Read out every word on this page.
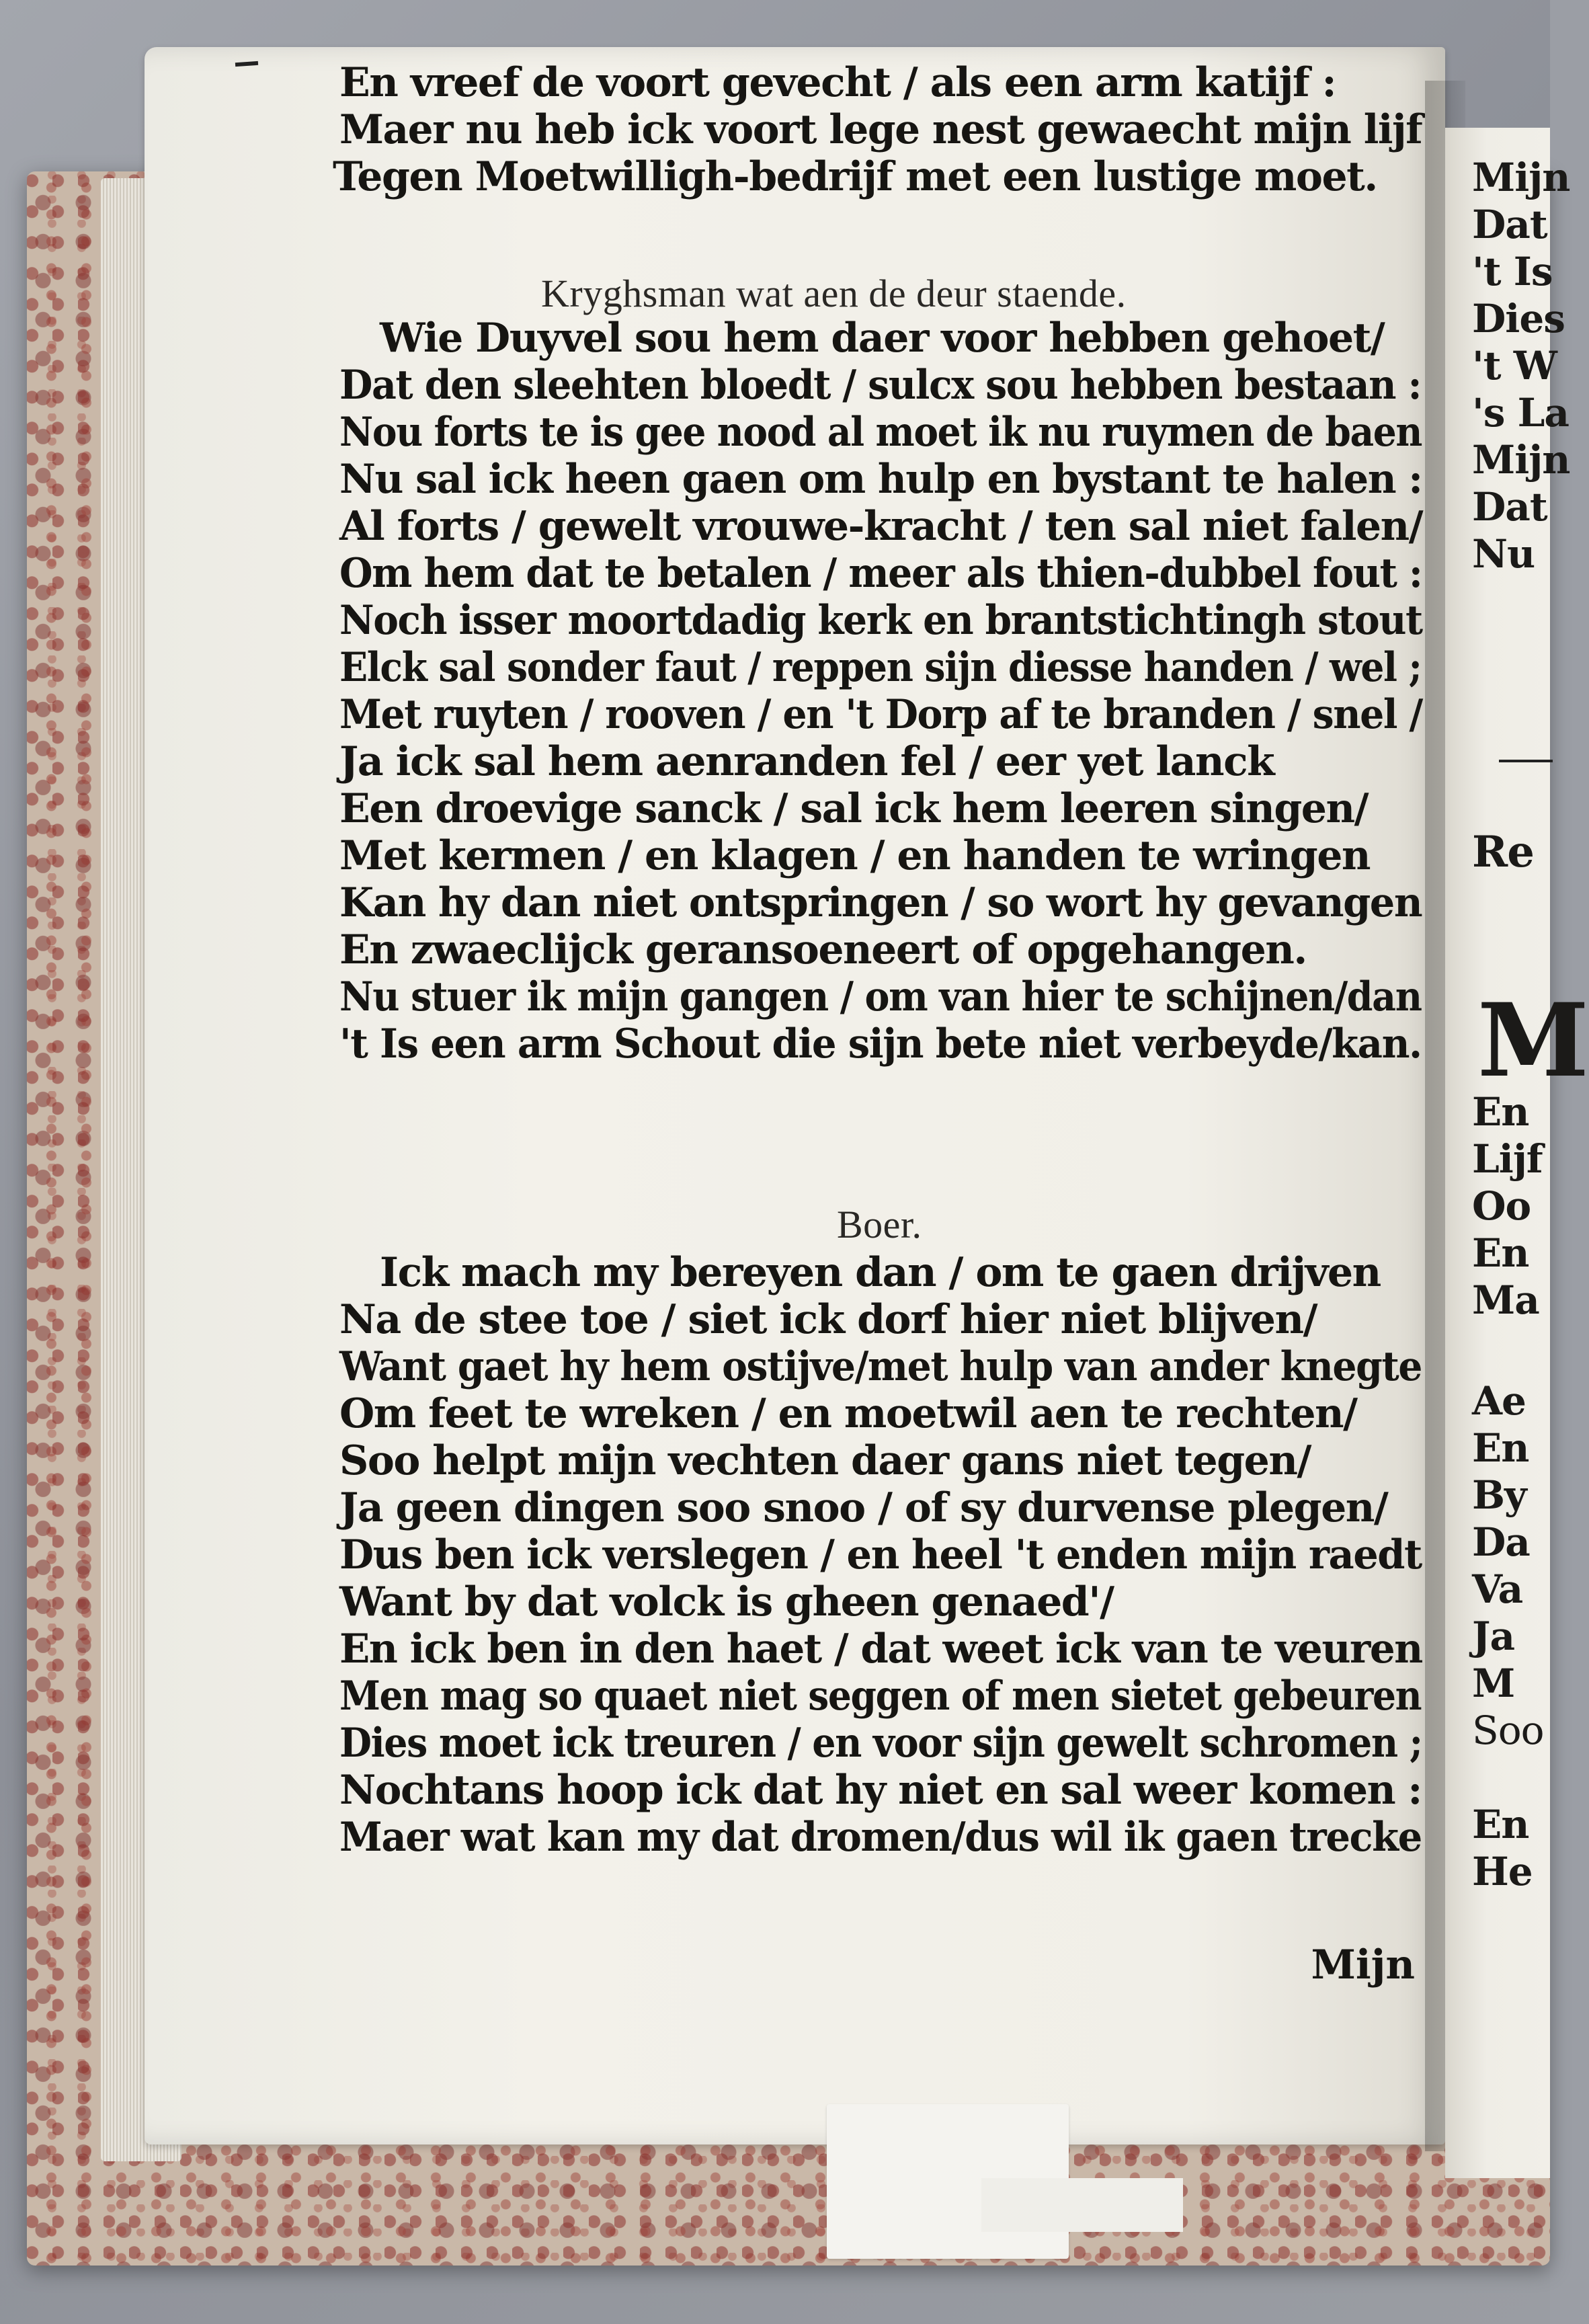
En vreef de voort gevecht / als een arm katijf :
Maer nu heb ick voort lege nest gewaecht mijn lijf
Tegen Moetwilligh-bedrijf met een lustige moet.
Kryghsman wat aen de deur staende.
Wie Duyvel sou hem daer voor hebben gehoet/
Dat den sleehten bloedt / sulcx sou hebben bestaan :
Nou forts te is gee nood al moet ik nu ruymen de baen
Nu sal ick heen gaen om hulp en bystant te halen :
Al forts / gewelt vrouwe-kracht / ten sal niet falen/
Om hem dat te betalen / meer als thien-dubbel fout :
Noch isser moortdadig kerk en brantstichtingh stout
Elck sal sonder faut / reppen sijn diesse handen / wel ;
Met ruyten / rooven / en 't Dorp af te branden / snel /
Ja ick sal hem aenranden fel / eer yet lanck
Een droevige sanck / sal ick hem leeren singen/
Met kermen / en klagen / en handen te wringen
Kan hy dan niet ontspringen / so wort hy gevangen
En zwaeclijck geransoeneert of opgehangen.
Nu stuer ik mijn gangen / om van hier te schijnen/dan
't Is een arm Schout die sijn bete niet verbeyde/kan.
Boer.
Ick mach my bereyen dan / om te gaen drijven
Na de stee toe / siet ick dorf hier niet blijven/
Want gaet hy hem ostijve/met hulp van ander knegte
Om feet te wreken / en moetwil aen te rechten/
Soo helpt mijn vechten daer gans niet tegen/
Ja geen dingen soo snoo / of sy durvense plegen/
Dus ben ick verslegen / en heel 't enden mijn raedt
Want by dat volck is gheen genaed'/
En ick ben in den haet / dat weet ick van te veuren
Men mag so quaet niet seggen of men sietet gebeuren
Dies moet ick treuren / en voor sijn gewelt schromen ;
Nochtans hoop ick dat hy niet en sal weer komen :
Maer wat kan my dat dromen/dus wil ik gaen trecke
Mijn
Mijn
Dat
't Is
Dies
't W
's La
Mijn
Dat
Nu
Re
M
En
Lijf
Oo
En
Ma
Ae
En
By
Da
Va
Ja
M
Soo
En
He
